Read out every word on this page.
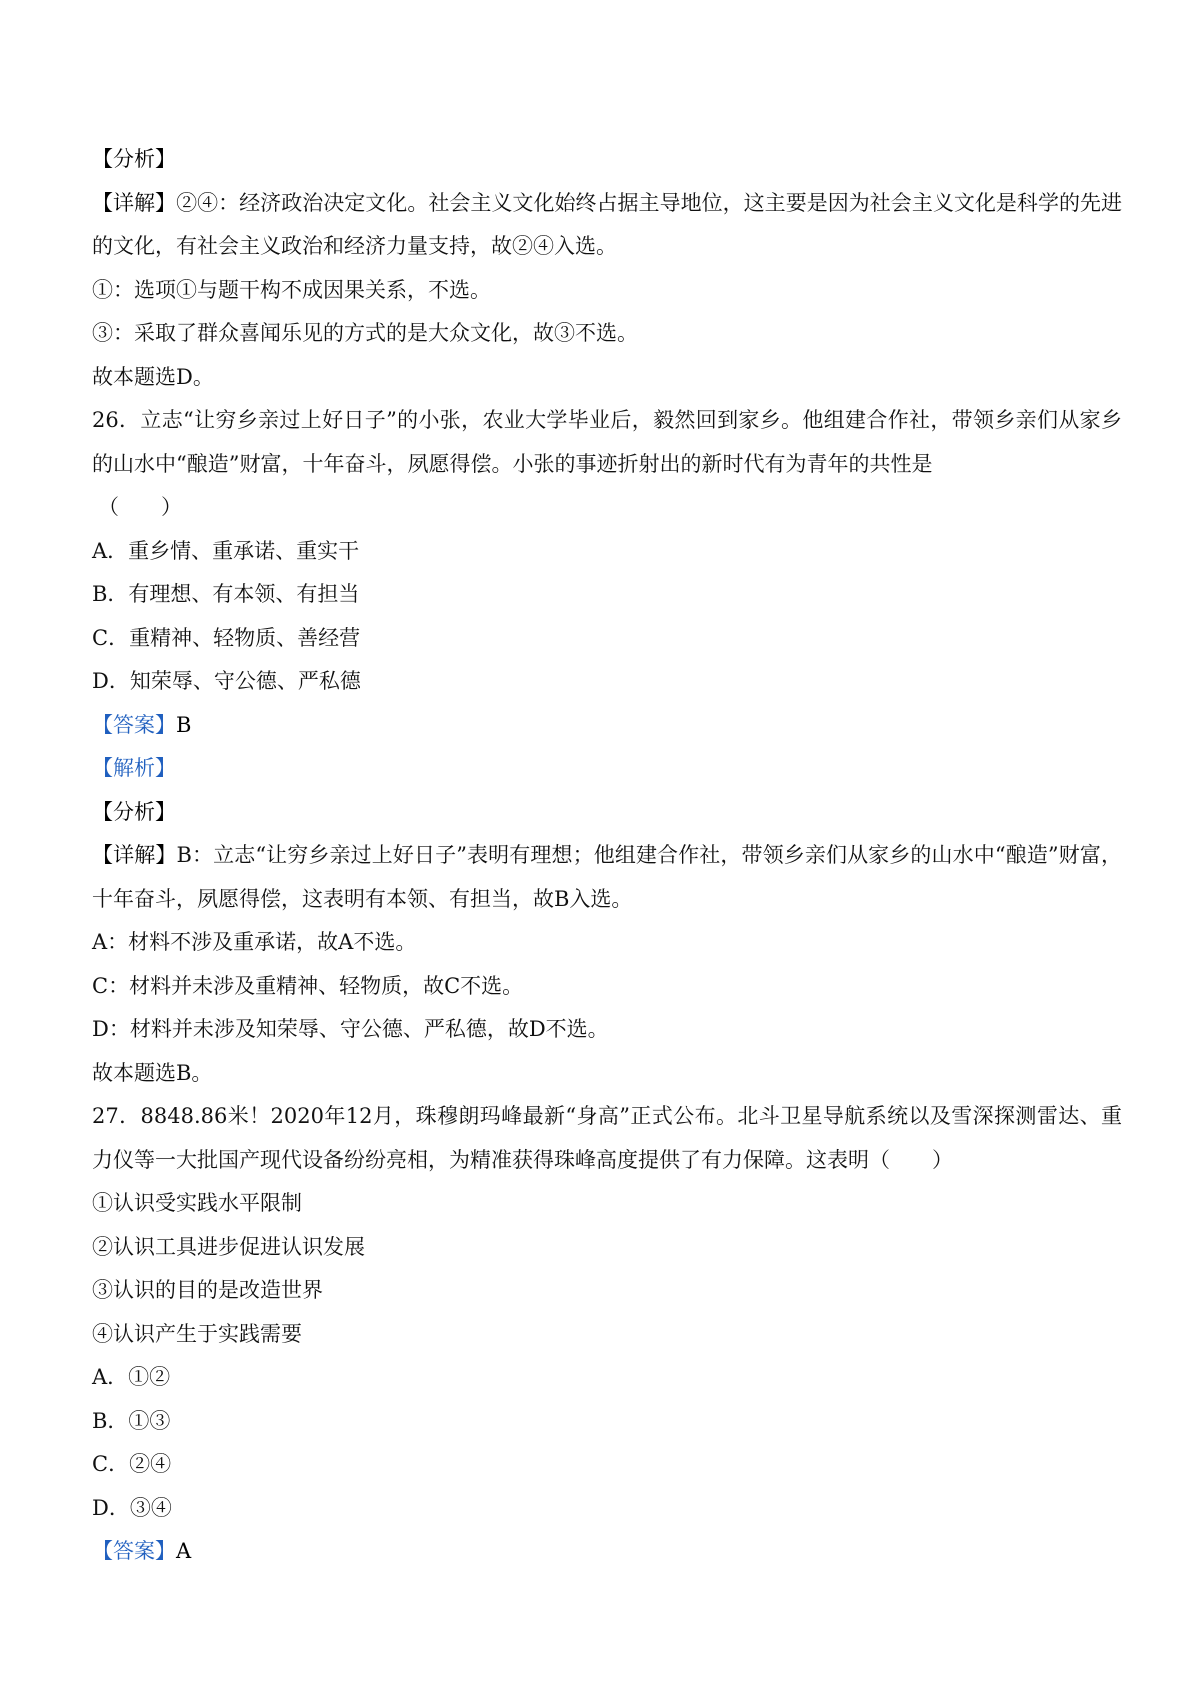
【分析】
【详解】②④：经济政治决定文化。社会主义文化始终占据主导地位，这主要是因为社会主义文化是科学的先进的文化，有社会主义政治和经济力量支持，故②④入选。
①：选项①与题干构不成因果关系，不选。
③：采取了群众喜闻乐见的方式的是大众文化，故③不选。
故本题选D。
26．立志“让穷乡亲过上好日子”的小张，农业大学毕业后，毅然回到家乡。他组建合作社，带领乡亲们从家乡的山水中“酿造”财富，十年奋斗，夙愿得偿。小张的事迹折射出的新时代有为青年的共性是
（　　）
A．重乡情、重承诺、重实干
B．有理想、有本领、有担当
C．重精神、轻物质、善经营
D．知荣辱、守公德、严私德
【答案】B
【解析】
【分析】
【详解】B：立志“让穷乡亲过上好日子”表明有理想；他组建合作社，带领乡亲们从家乡的山水中“酿造”财富，十年奋斗，夙愿得偿，这表明有本领、有担当，故B入选。
A：材料不涉及重承诺，故A不选。
C：材料并未涉及重精神、轻物质，故C不选。
D：材料并未涉及知荣辱、守公德、严私德，故D不选。
故本题选B。
27．8848.86米！2020年12月，珠穆朗玛峰最新“身高”正式公布。北斗卫星导航系统以及雪深探测雷达、重力仪等一大批国产现代设备纷纷亮相，为精准获得珠峰高度提供了有力保障。这表明（　　）
①认识受实践水平限制
②认识工具进步促进认识发展
③认识的目的是改造世界
④认识产生于实践需要
A．①②
B．①③
C．②④
D．③④
【答案】A
